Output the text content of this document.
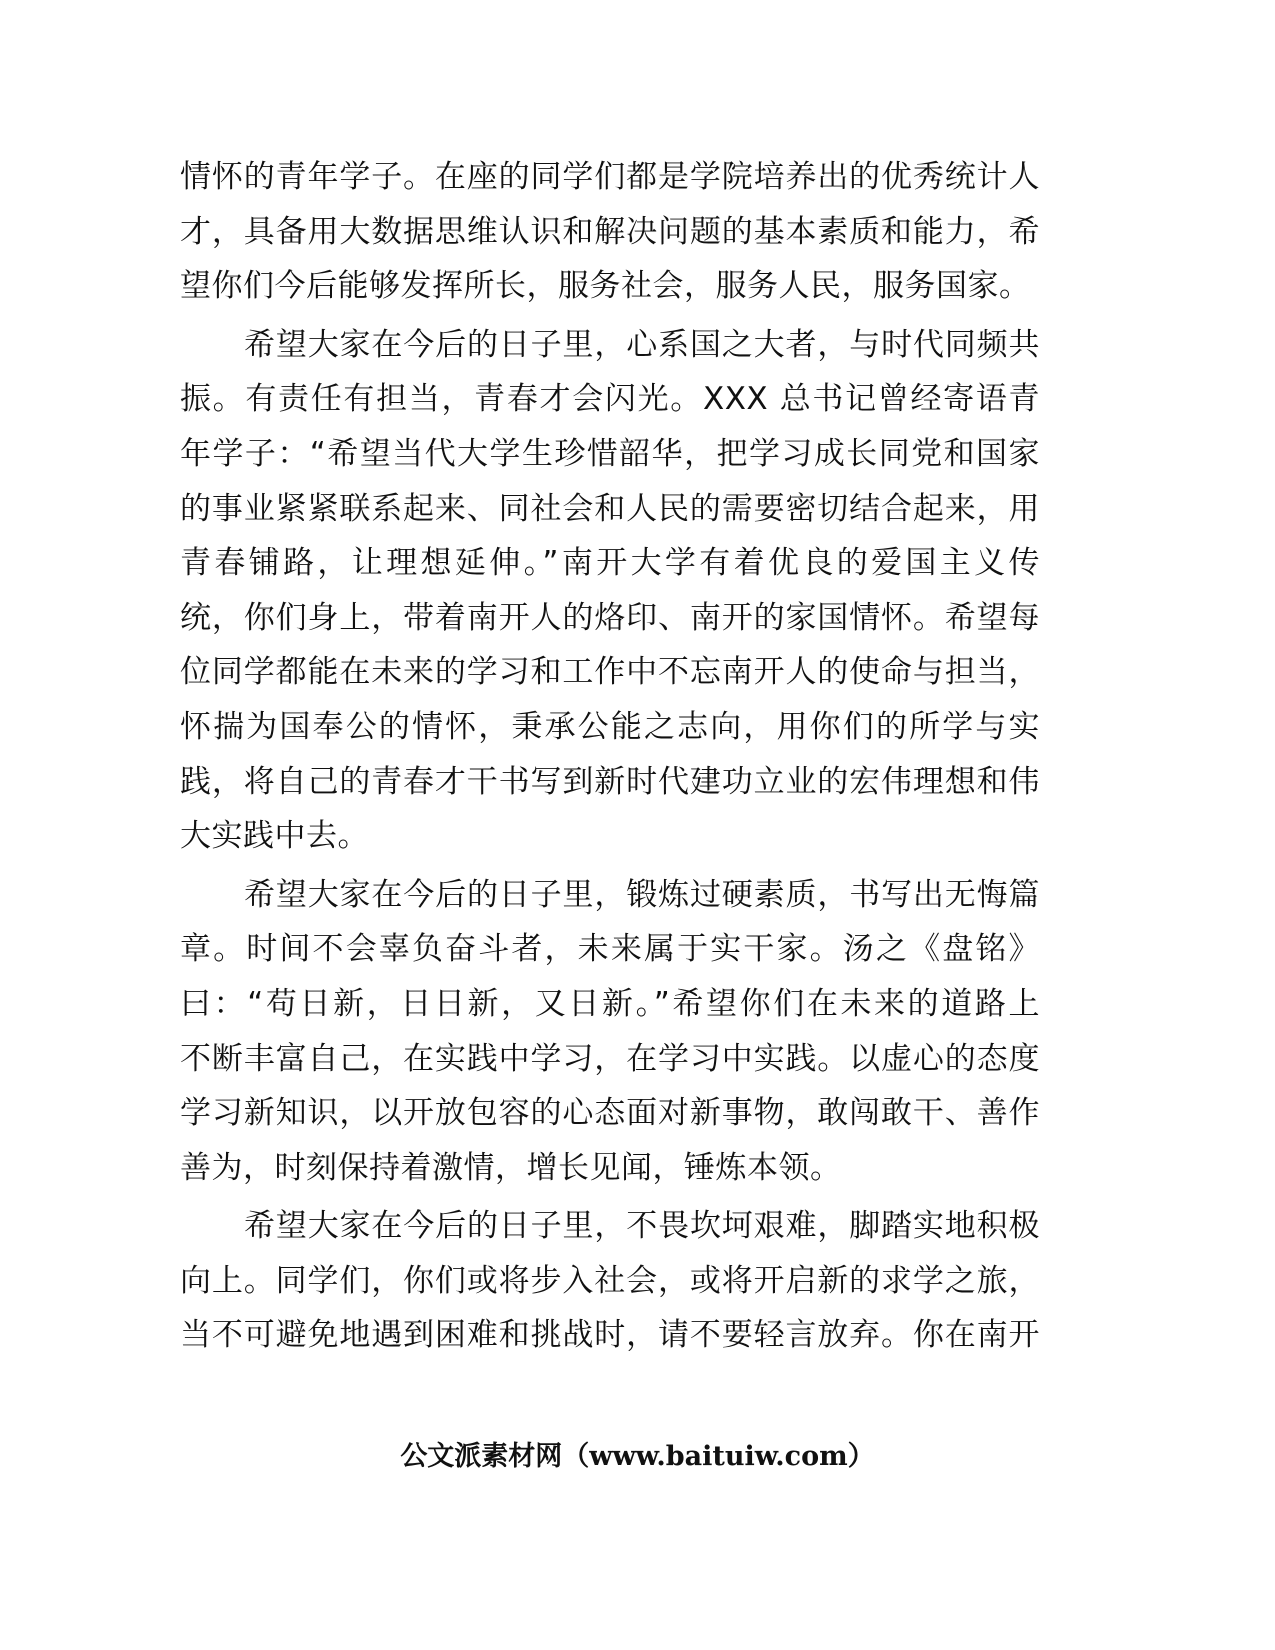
情怀的青年学子。在座的同学们都是学院培养出的优秀统计人
才，具备用大数据思维认识和解决问题的基本素质和能力，希
望你们今后能够发挥所长，服务社会，服务人民，服务国家。
希望大家在今后的日子里，心系国之大者，与时代同频共
振。有责任有担当，青春才会闪光。XXX 总书记曾经寄语青
年学子：“希望当代大学生珍惜韶华，把学习成长同党和国家
的事业紧紧联系起来、同社会和人民的需要密切结合起来，用
青春铺路，让理想延伸。”南开大学有着优良的爱国主义传
统，你们身上，带着南开人的烙印、南开的家国情怀。希望每
位同学都能在未来的学习和工作中不忘南开人的使命与担当，
怀揣为国奉公的情怀，秉承公能之志向，用你们的所学与实
践，将自己的青春才干书写到新时代建功立业的宏伟理想和伟
大实践中去。
希望大家在今后的日子里，锻炼过硬素质，书写出无悔篇
章。时间不会辜负奋斗者，未来属于实干家。汤之《盘铭》
曰：“苟日新，日日新，又日新。”希望你们在未来的道路上
不断丰富自己，在实践中学习，在学习中实践。以虚心的态度
学习新知识，以开放包容的心态面对新事物，敢闯敢干、善作
善为，时刻保持着激情，增长见闻，锤炼本领。
希望大家在今后的日子里，不畏坎坷艰难，脚踏实地积极
向上。同学们，你们或将步入社会，或将开启新的求学之旅，
当不可避免地遇到困难和挑战时，请不要轻言放弃。你在南开
公文派素材网（www.baituiw.com）
